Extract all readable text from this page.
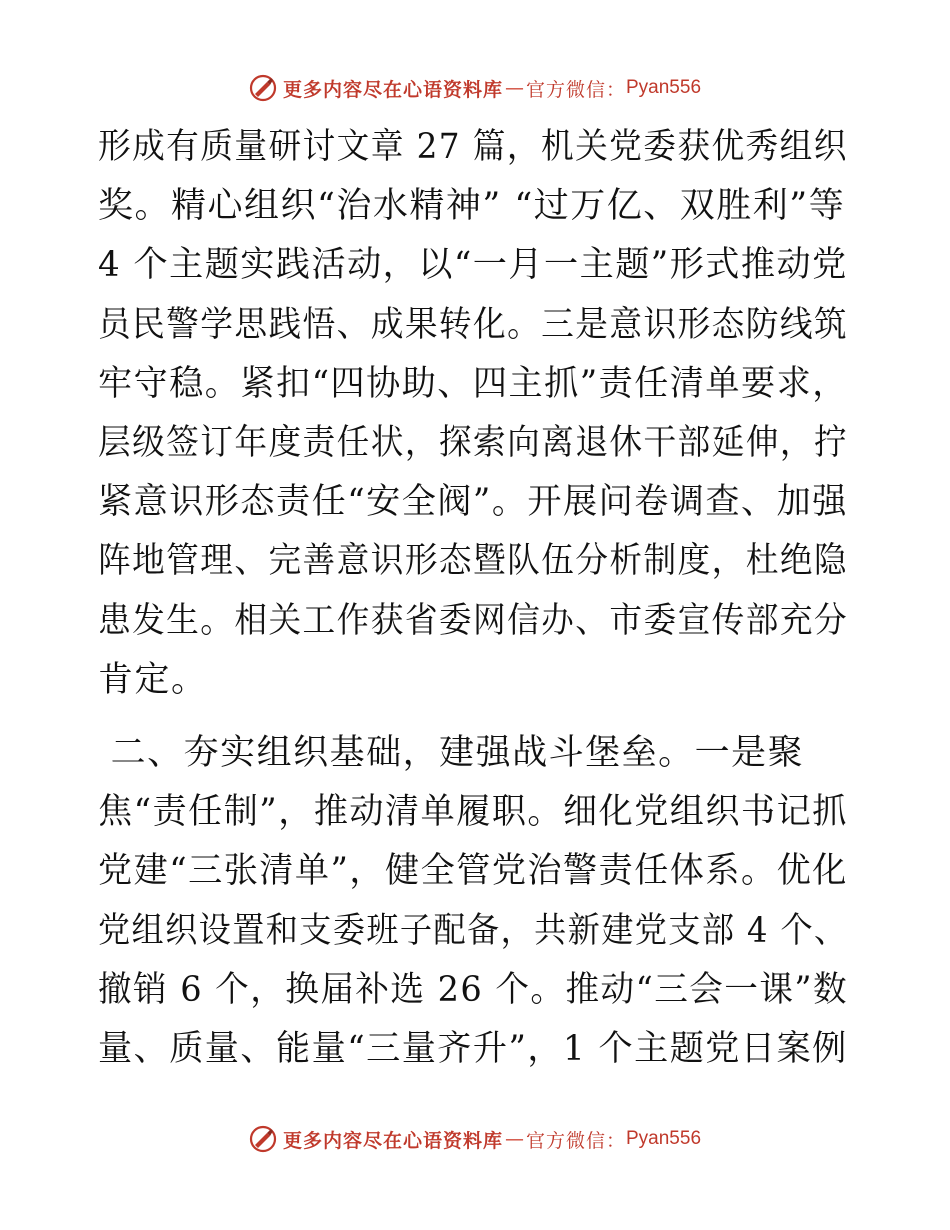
更多内容尽在心语资料库 — 官方微信： Pyan556

形成有质量研讨文章 27 篇，机关党委获优秀组织
奖。精心组织“治水精神” “过万亿、双胜利”等
4 个主题实践活动，以“一月一主题”形式推动党
员民警学思践悟、成果转化。三是意识形态防线筑
牢守稳。紧扣“四协助、四主抓”责任清单要求，
层级签订年度责任状，探索向离退休干部延伸，拧
紧意识形态责任“安全阀”。开展问卷调查、加强
阵地管理、完善意识形态暨队伍分析制度，杜绝隐
患发生。相关工作获省委网信办、市委宣传部充分
肯定。

二、夯实组织基础，建强战斗堡垒。一是聚
焦“责任制”，推动清单履职。细化党组织书记抓
党建“三张清单”，健全管党治警责任体系。优化
党组织设置和支委班子配备，共新建党支部 4 个、
撤销 6 个，换届补选 26 个。推动“三会一课”数
量、质量、能量“三量齐升”，1 个主题党日案例

更多内容尽在心语资料库 — 官方微信： Pyan556
